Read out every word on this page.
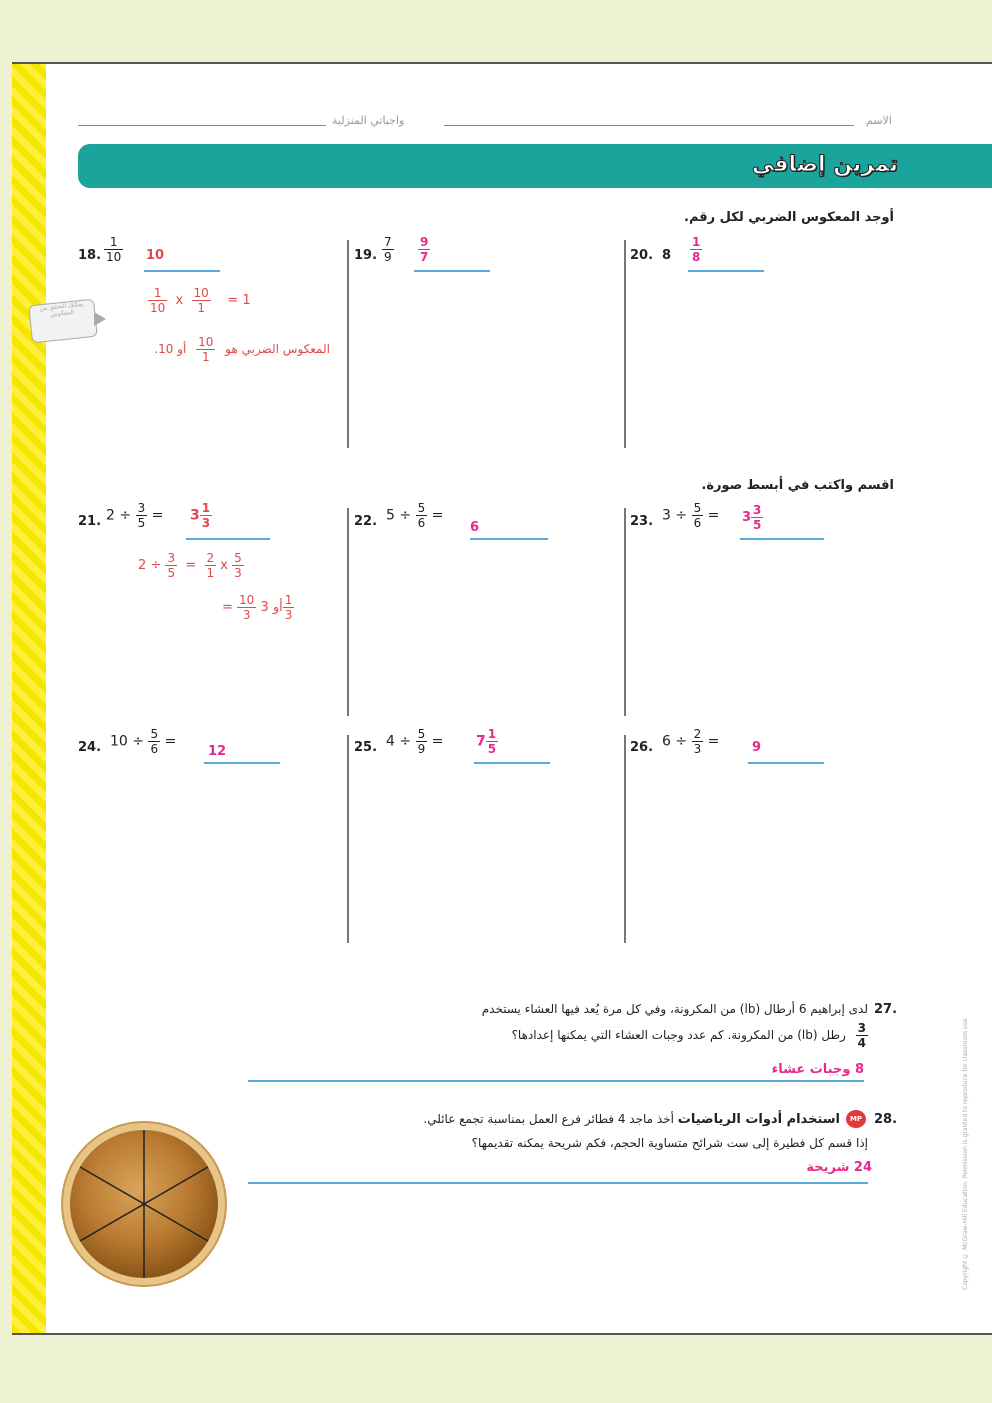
واجباتي المنزلية	الاسم
تمرين إضافي
أوجد المعكوس الضربي لكل رقم.
18. $\frac{1}{10} 10$
$\frac{1}{10}$ x $\frac{10}{1} = 1$
المعكوس الضربي هو
$\frac{10}{1}$
أو 10.
يمكنك التحقق من المعكوس
19. $\frac{7}{9} \frac{9}{7}$	20. $8 \frac{1}{8}$
اقسم واكتب في أبسط صورة.
21. $2 \div \frac{3}{5} = 3 \frac{1}{3}$
$2 \div \frac{3}{5} = \frac{2}{1}$ x $\frac{5}{3}$
= $\frac{10}{3}$ أو $3 \frac{1}{3}$
22. $5 \div \frac{5}{6}$ =
6	23. $3 \div \frac{5}{6} = 3 \frac{3}{5}$
24. $10 \div \frac{5}{6}$ =
12	25. $4 \div \frac{5}{9} = 7 \frac{1}{5}$	26. $6 \div \frac{2}{3}$ =	9
27.
لدى إبراهيم 6 أرطال (lb) من المكرونة، وفي كل مرة يُعد فيها العشاء يستخدم
$\frac{3}{4}$
رطل (lb) من المكرونة. كم عدد وجبات العشاء التي يمكنها إعدادها؟
8 وجبات عشاء
28.
MP
استخدام أدوات الرياضيات أخذ ماجد 4 فطائر فرع العمل بمناسبة تجمع عائلي.
إذا قسم كل فطيرة إلى ست شرائح متساوية الحجم، فكم شريحة يمكنه تقديمها؟
24 شريحة	Copyright © McGraw-Hill Education. Permission is granted to reproduce for classroom use.
